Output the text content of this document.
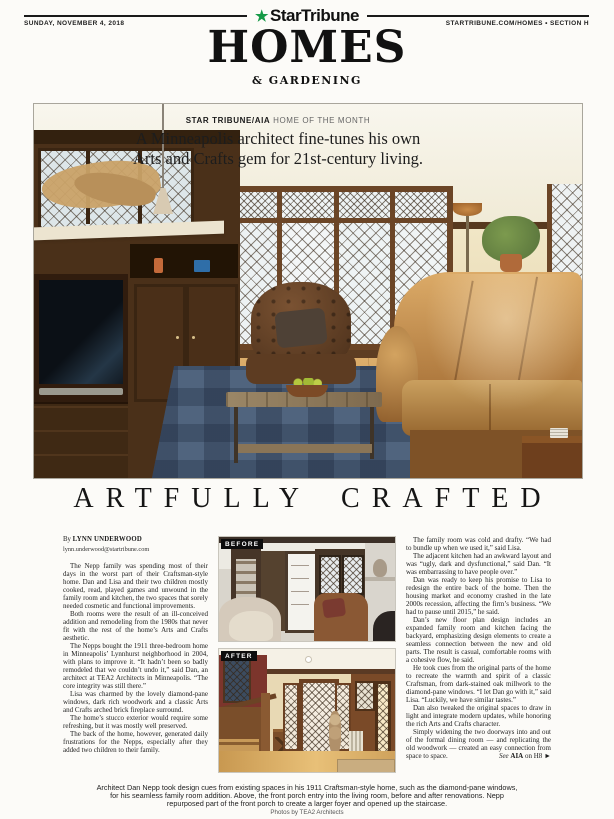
★ StarTribune
SUNDAY, NOVEMBER 4, 2018	STARTRIBUNE.COM/HOMES • SECTION H
HOMES
& GARDENING
STAR TRIBUNE/AIA HOME OF THE MONTH
A Minneapolis architect fine-tunes his own
Arts and Crafts gem for 21st-century living.
ARTFULLY CRAFTED
By LYNN UNDERWOOD
lynn.underwood@startribune.com

The Nepp family was spending most of their days in the worst part of their Craftsman-style home. Dan and Lisa and their two children mostly cooked, read, played games and unwound in the family room and kitchen, the two spaces that sorely needed cosmetic and functional improvements.

Both rooms were the result of an ill-conceived addition and remodeling from the 1980s that never fit with the rest of the home’s Arts and Crafts aesthetic.

The Nepps bought the 1911 three-bedroom home in Minneapolis’ Lynnhurst neighborhood in 2004, with plans to improve it. “It hadn’t been so badly remodeled that we couldn’t undo it,” said Dan, an architect at TEA2 Architects in Minneapolis. “The core integrity was still there.”

Lisa was charmed by the lovely diamond-pane windows, dark rich woodwork and a classic Arts and Crafts arched brick fireplace surround.

The home’s stucco exterior would require some refreshing, but it was mostly well preserved.

The back of the home, however, generated daily frustrations for the Nepps, especially after they added two children to their family.

BEFORE
AFTER

The family room was cold and drafty. “We had to bundle up when we used it,” said Lisa.

The adjacent kitchen had an awkward layout and was “ugly, dark and dysfunctional,” said Dan. “It was embarrassing to have people over.”

Dan was ready to keep his promise to Lisa to redesign the entire back of the home. Then the housing market and economy crashed in the late 2000s recession, affecting the firm’s business. “We had to pause until 2015,” he said.

Dan’s new floor plan design includes an expanded family room and kitchen facing the backyard, emphasizing design elements to create a seamless connection between the new and old parts. The result is casual, comfortable rooms with a cohesive flow, he said.

He took cues from the original parts of the home to recreate the warmth and spirit of a classic Craftsman, from dark-stained oak millwork to the diamond-pane windows. “I let Dan go with it,” said Lisa. “Luckily, we have similar tastes.”

Dan also tweaked the original spaces to draw in light and integrate modern updates, while honoring the rich Arts and Crafts character.

Simply widening the two doorways into and out of the formal dining room — and replicating the old woodwork — created an easy connection from space to space.	See AIA on H8 ►
Architect Dan Nepp took design cues from existing spaces in his 1911 Craftsman-style home, such as the diamond-pane windows,
for his seamless family room addition. Above, the front porch entry into the living room, before and after renovations. Nepp
repurposed part of the front porch to create a larger foyer and opened up the staircase.
Photos by TEA2 Architects
